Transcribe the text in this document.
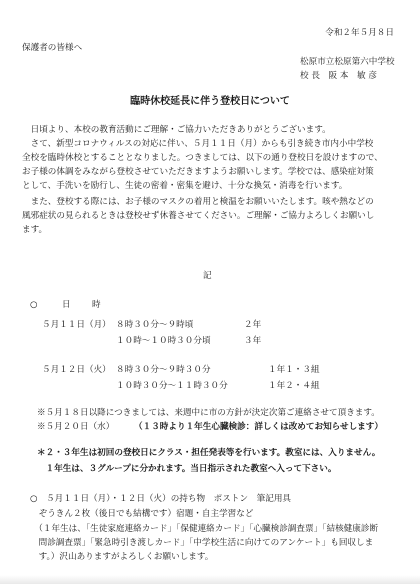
令和２年５月８日
保護者の皆様へ
松原市立松原第六中学校
校 長　阪 本　敏 彦
臨時休校延長に伴う登校日について
　日頃より、本校の教育活動にご理解・ご協力いただきありがとうございます。
　さて、新型コロナウィルスの対応に伴い、５月１１日（月）からも引き続き市内小中学校
全校を臨時休校とすることとなりました。つきましては、以下の通り登校日を設けますので、
お子様の体調をみながら登校させていただきますようお願いします。学校では、感染症対策
として、手洗いを励行し、生徒の密着・密集を避け、十分な換気・消毒を行います。
　また、登校する際には、お子様のマスクの着用と検温をお願いいたします。咳や熱などの
風邪症状の見られるときは登校せず休養させてください。ご理解・ご協力よろしくお願いし
ます。
記
○	日 時
５月１１日（月） ８時３０分～９時頃	２年
１０時～１０時３０分頃	３年
５月１２日（火） ８時３０分～９時３０分	１年１・３組
１０時３０分～１１時３０分	１年２・４組
※５月１８日以降につきましては、来週中に市の方針が決定次第ご連絡させて頂きます。
※５月２０日（水） （１３時より１年生心臓検診：詳しくは改めてお知らせします）
＊２・３年生は初回の登校日にクラス・担任発表等を行います。教室には、入りません。
　１年生は、３グループに分かれます。当日指示された教室へ入って下さい。
○　５月１１日（月）・１２日（火）の持ち物　ポストン　筆記用具
　ぞうきん２枚（後日でも結構です）宿題・自主学習など
　（１年生は、「生徒家庭連絡カード」「保健連絡カード」「心臓検診調査票」「結核健康診断
　問診調査票」「緊急時引き渡しカード」「中学校生活に向けてのアンケート」も回収しま
　す。）沢山ありますがよろしくお願いします。
